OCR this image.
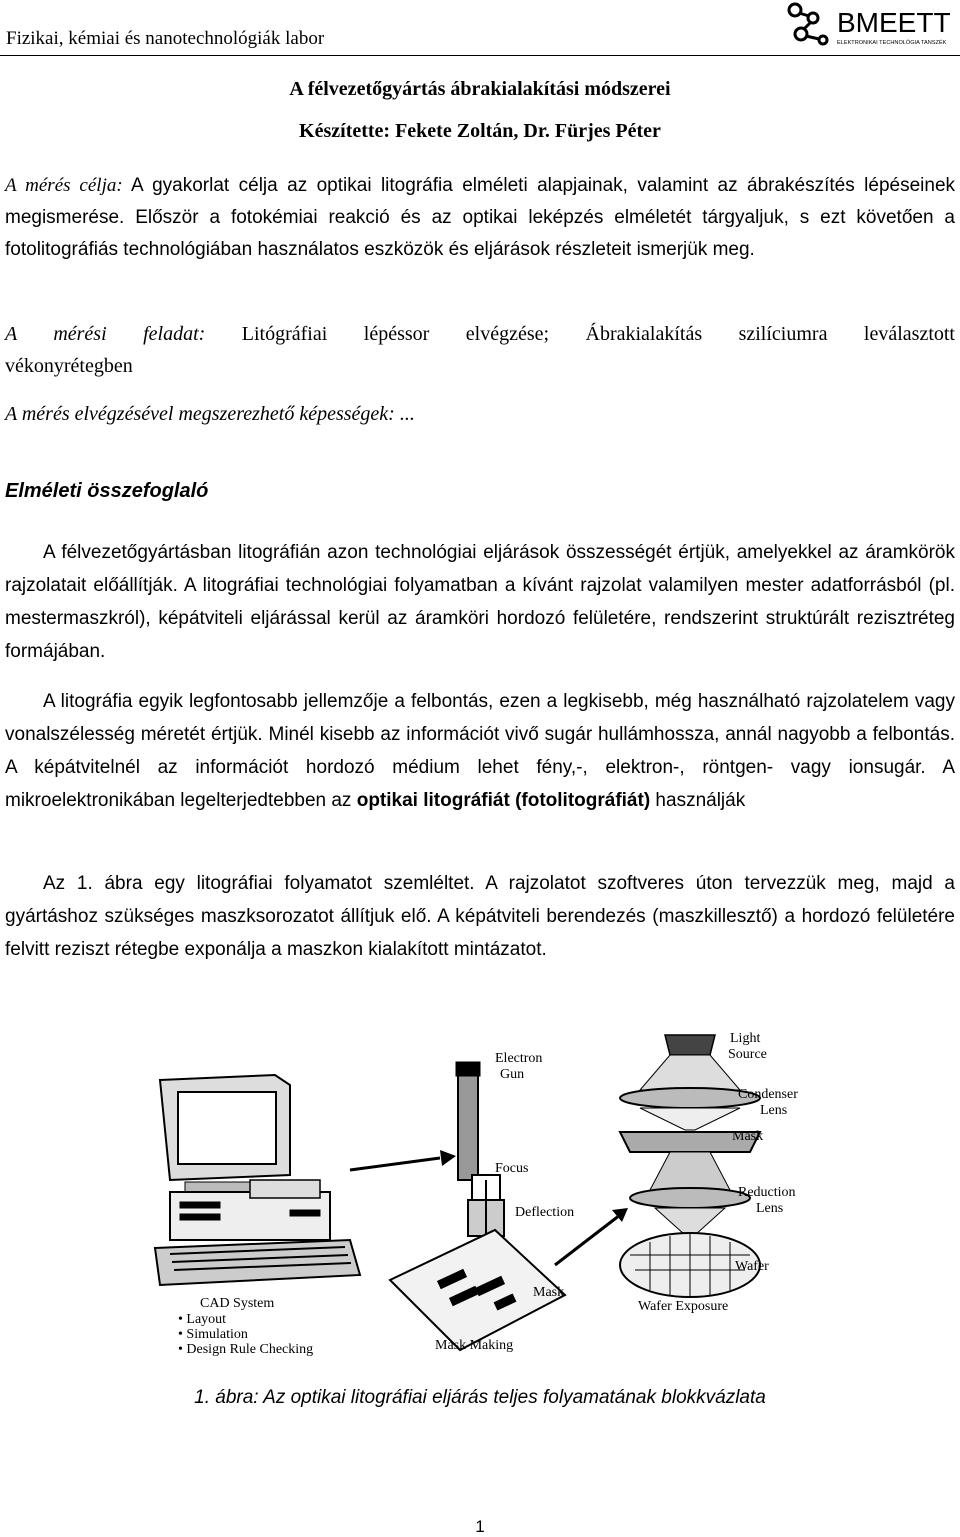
Fizikai, kémiai és nanotechnológiák labor
BMEETT
ELEKTRONIKAI TECHNOLÓGIA TANSZÉK
A félvezetőgyártás ábrakialakítási módszerei
Készítette: Fekete Zoltán, Dr. Fürjes Péter
A mérés célja: A gyakorlat célja az optikai litográfia elméleti alapjainak, valamint az ábrakészítés lépéseinek megismerése. Először a fotokémiai reakció és az optikai leképzés elméletét tárgyaljuk, s ezt követően a fotolitográfiás technológiában használatos eszközök és eljárások részleteit ismerjük meg.
A mérési feladat: Litógráfiai lépéssor elvégzése; Ábrakialakítás szilíciumra leválasztott vékonyrétegben
A mérés elvégzésével megszerezhető képességek: ...
Elméleti összefoglaló
A félvezetőgyártásban litográfián azon technológiai eljárások összességét értjük, amelyekkel az áramkörök rajzolatait előállítják. A litográfiai technológiai folyamatban a kívánt rajzolat valamilyen mester adatforrásból (pl. mestermaszkról), képátviteli eljárással kerül az áramköri hordozó felületére, rendszerint struktúrált rezisztréteg formájában.
A litográfia egyik legfontosabb jellemzője a felbontás, ezen a legkisebb, még használható rajzolatelem vagy vonalszélesség méretét értjük. Minél kisebb az információt vivő sugár hullámhossza, annál nagyobb a felbontás. A képátvitelnél az információt hordozó médium lehet fény,-, elektron-, röntgen- vagy ionsugár. A mikroelektronikában legelterjedtebben az optikai litográfiát (fotolitográfiát) használják
Az 1. ábra egy litográfiai folyamatot szemléltet. A rajzolatot szoftveres úton tervezzük meg, majd a gyártáshoz szükséges maszksorozatot állítjuk elő. A képátviteli berendezés (maszkillesztő) a hordozó felületére felvitt reziszt rétegbe exponálja a maszkon kialakított mintázatot.
CAD System
• Layout
• Simulation
• Design Rule Checking
Electron
Gun
Focus
Deflection
Mask
Mask Making
Light
Source
Condenser
Lens
Mask
Reduction
Lens
Wafer
Wafer Exposure
1. ábra: Az optikai litográfiai eljárás teljes folyamatának blokkvázlata
1
